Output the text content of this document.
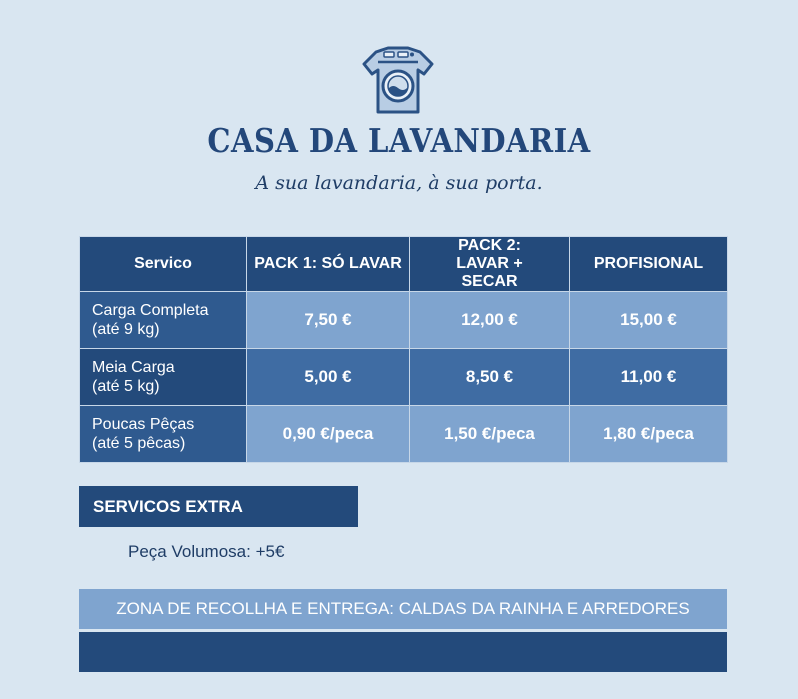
CASA DA LAVANDARIA
A sua lavandaria, à sua porta.
Servico	PACK 1: SÓ LAVAR	PACK 2: LAVAR + SECAR	PROFISIONAL

Carga Completa
(até 9 kg)	7,50 €	12,00 €	15,00 €

Meia Carga
(até 5 kg)	5,00 €	8,50 €	11,00 €

Poucas Pêças
(até 5 pêcas)	0,90 €/peca	1,50 €/peca	1,80 €/peca
SERVICOS EXTRA
Peça Volumosa: +5€
ZONA DE RECOLLHA E ENTREGA: CALDAS DA RAINHA E ARREDORES
